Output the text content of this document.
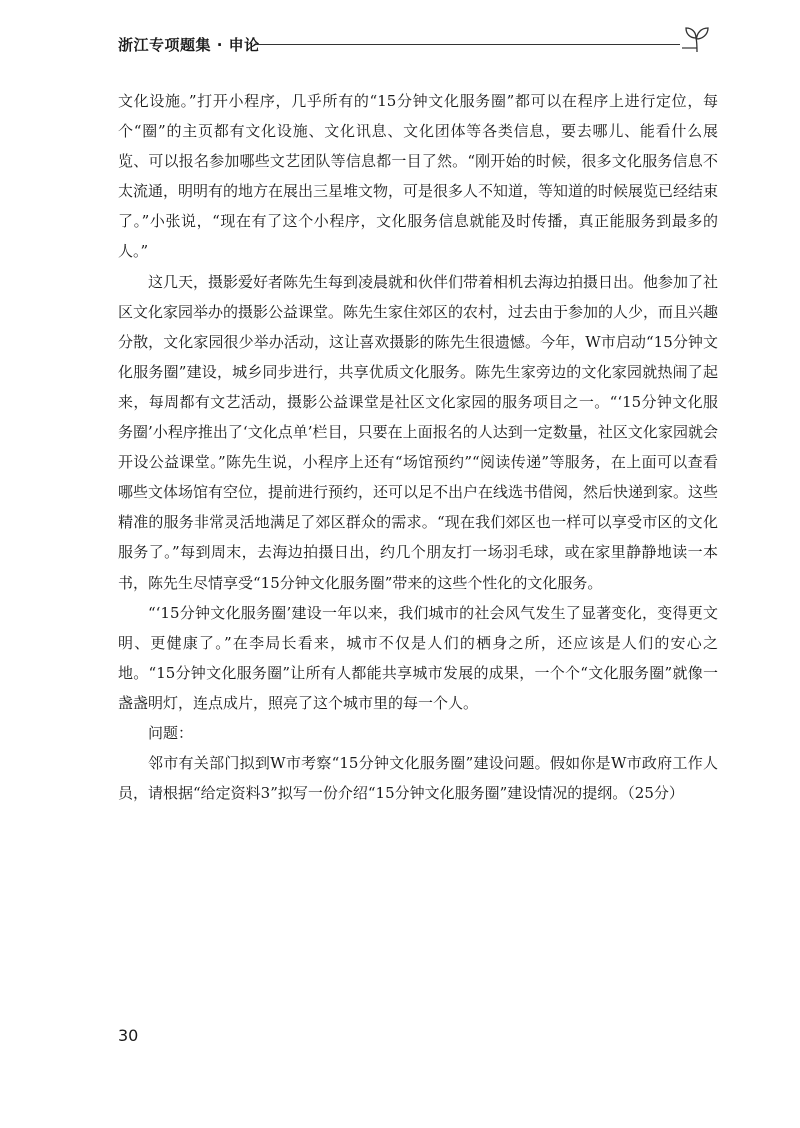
浙江专项题集 · 申论

文化设施。”打开小程序，几乎所有的“15分钟文化服务圈”都可以在程序上进行定位，每个“圈”的主页都有文化设施、文化讯息、文化团体等各类信息，要去哪儿、能看什么展览、可以报名参加哪些文艺团队等信息都一目了然。“刚开始的时候，很多文化服务信息不太流通，明明有的地方在展出三星堆文物，可是很多人不知道，等知道的时候展览已经结束了。”小张说，“现在有了这个小程序，文化服务信息就能及时传播，真正能服务到最多的人。”

这几天，摄影爱好者陈先生每到凌晨就和伙伴们带着相机去海边拍摄日出。他参加了社区文化家园举办的摄影公益课堂。陈先生家住郊区的农村，过去由于参加的人少，而且兴趣分散，文化家园很少举办活动，这让喜欢摄影的陈先生很遗憾。今年，W市启动“15分钟文化服务圈”建设，城乡同步进行，共享优质文化服务。陈先生家旁边的文化家园就热闹了起来，每周都有文艺活动，摄影公益课堂是社区文化家园的服务项目之一。“‘15分钟文化服务圈’小程序推出了‘文化点单’栏目，只要在上面报名的人达到一定数量，社区文化家园就会开设公益课堂。”陈先生说，小程序上还有“场馆预约”“阅读传递”等服务，在上面可以查看哪些文体场馆有空位，提前进行预约，还可以足不出户在线选书借阅，然后快递到家。这些精准的服务非常灵活地满足了郊区群众的需求。“现在我们郊区也一样可以享受市区的文化服务了。”每到周末，去海边拍摄日出，约几个朋友打一场羽毛球，或在家里静静地读一本书，陈先生尽情享受“15分钟文化服务圈”带来的这些个性化的文化服务。

“‘15分钟文化服务圈’建设一年以来，我们城市的社会风气发生了显著变化，变得更文明、更健康了。”在李局长看来，城市不仅是人们的栖身之所，还应该是人们的安心之地。“15分钟文化服务圈”让所有人都能共享城市发展的成果，一个个“文化服务圈”就像一盏盏明灯，连点成片，照亮了这个城市里的每一个人。

问题：

邻市有关部门拟到W市考察“15分钟文化服务圈”建设问题。假如你是W市政府工作人员，请根据“给定资料3”拟写一份介绍“15分钟文化服务圈”建设情况的提纲。（25分）

30
